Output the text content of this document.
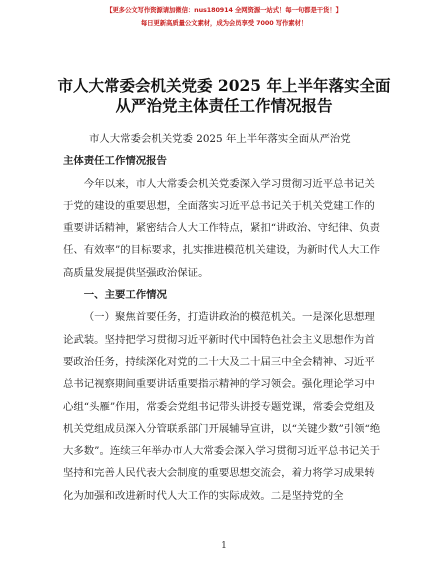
【更多公文写作资源请加微信：nus180914 全网资源一站式！每一句都是干货！】
每日更新高质量公文素材，成为会员享受 7000 写作素材！
市人大常委会机关党委 2025 年上半年落实全面
从严治党主体责任工作情况报告

市人大常委会机关党委 2025 年上半年落实全面从严治党
主体责任工作情况报告

今年以来，市人大常委会机关党委深入学习贯彻习近平总书记关于党的建设的重要思想，全面落实习近平总书记关于机关党建工作的重要讲话精神，紧密结合人大工作特点，紧扣“讲政治、守纪律、负责任、有效率”的目标要求，扎实推进模范机关建设，为新时代人大工作高质量发展提供坚强政治保证。

一、主要工作情况

（一）聚焦首要任务，打造讲政治的模范机关。一是深化思想理论武装。坚持把学习贯彻习近平新时代中国特色社会主义思想作为首要政治任务，持续深化对党的二十大及二十届三中全会精神、习近平总书记视察期间重要讲话重要指示精神的学习领会。强化理论学习中心组“头雁”作用，常委会党组书记带头讲授专题党课，常委会党组及机关党组成员深入分管联系部门开展辅导宣讲，以“关键少数”引领“绝大多数”。连续三年举办市人大常委会深入学习贯彻习近平总书记关于坚持和完善人民代表大会制度的重要思想交流会，着力将学习成果转化为加强和改进新时代人大工作的实际成效。二是坚持党的全

1
